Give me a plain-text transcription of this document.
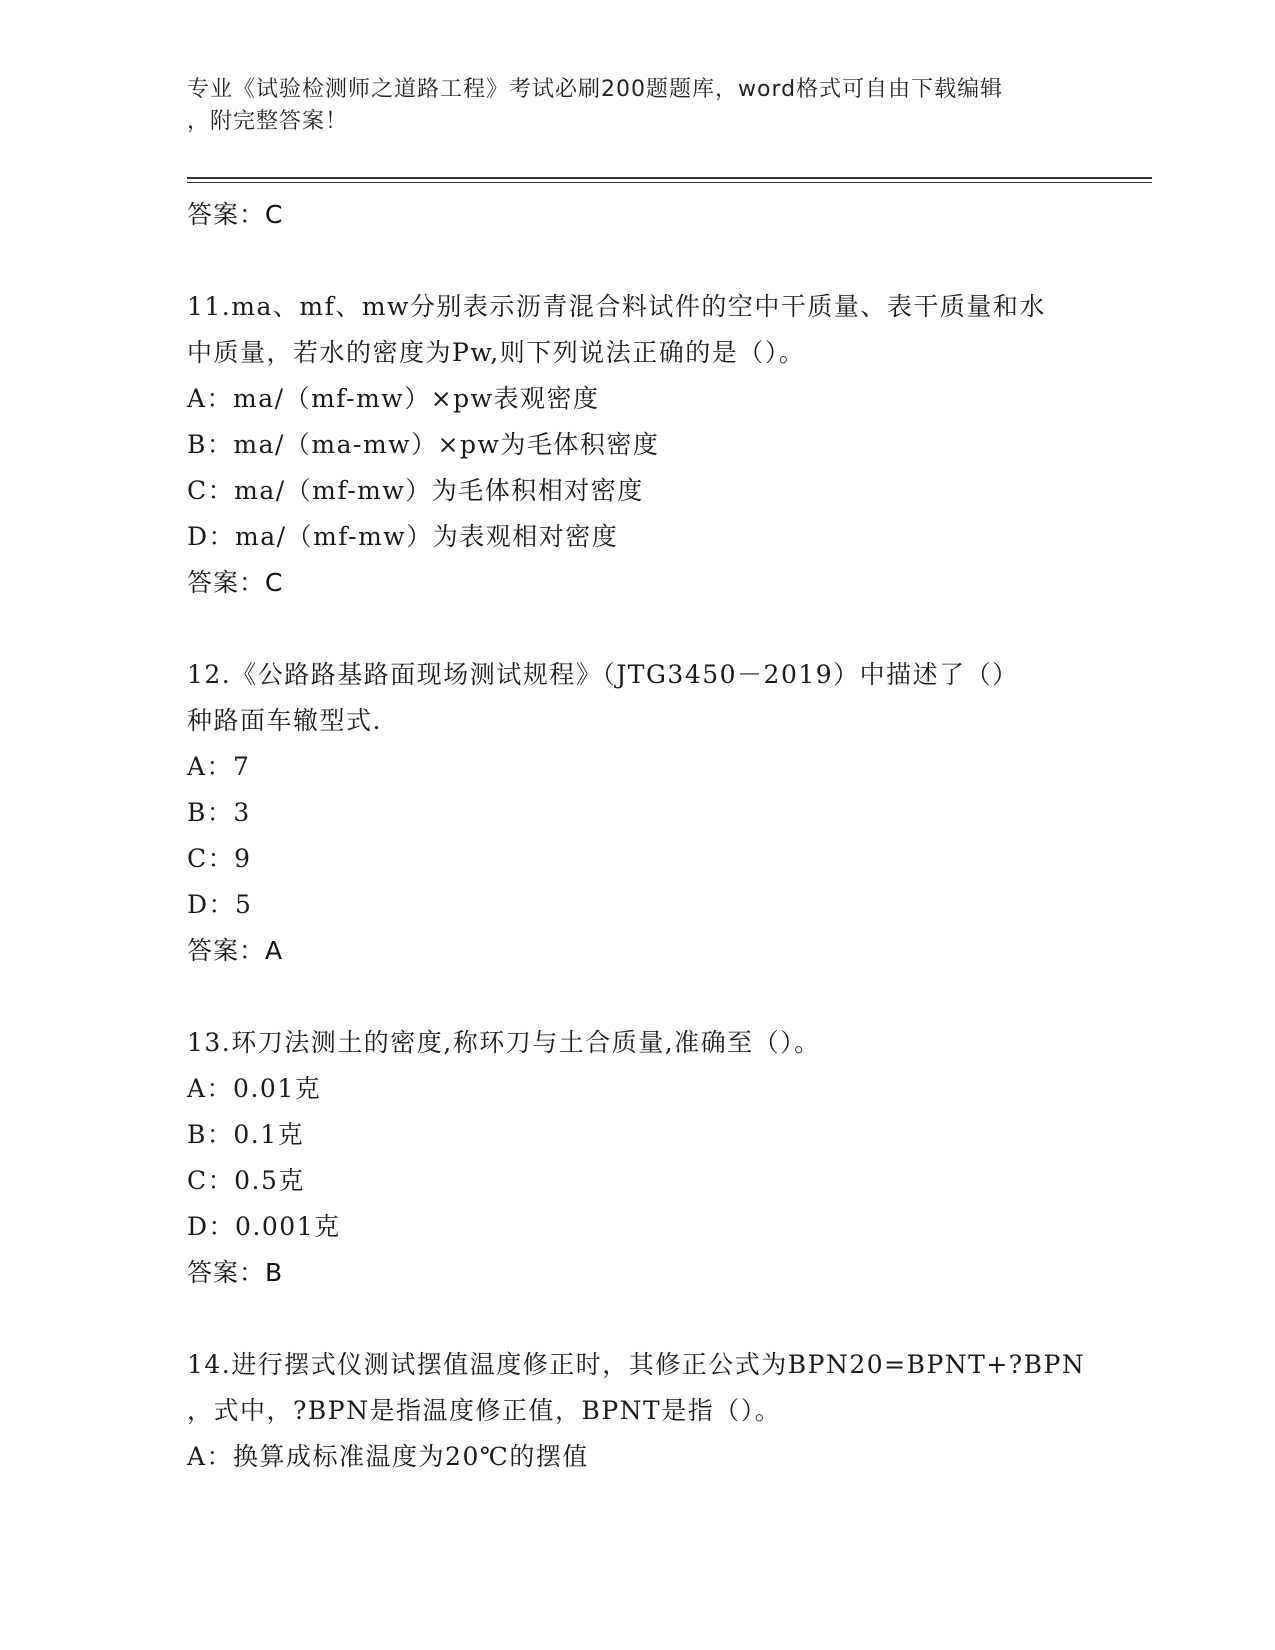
专业《试验检测师之道路工程》考试必刷200题题库，word格式可自由下载编辑
，附完整答案！
答案：C
11.ma、mf、mw分别表示沥青混合料试件的空中干质量、表干质量和水
中质量，若水的密度为Pw,则下列说法正确的是（）。
A：ma/（mf-mw）×pw表观密度
B：ma/（ma-mw）×pw为毛体积密度
C：ma/（mf-mw）为毛体积相对密度
D：ma/（mf-mw）为表观相对密度
答案：C
12.《公路路基路面现场测试规程》（JTG3450－2019）中描述了（）
种路面车辙型式.
A：7
B：3
C：9
D：5
答案：A
13.环刀法测土的密度,称环刀与土合质量,准确至（）。
A：0.01克
B：0.1克
C：0.5克
D：0.001克
答案：B
14.进行摆式仪测试摆值温度修正时，其修正公式为BPN20=BPNT+?BPN
，式中，?BPN是指温度修正值，BPNT是指（）。
A：换算成标准温度为20℃的摆值
